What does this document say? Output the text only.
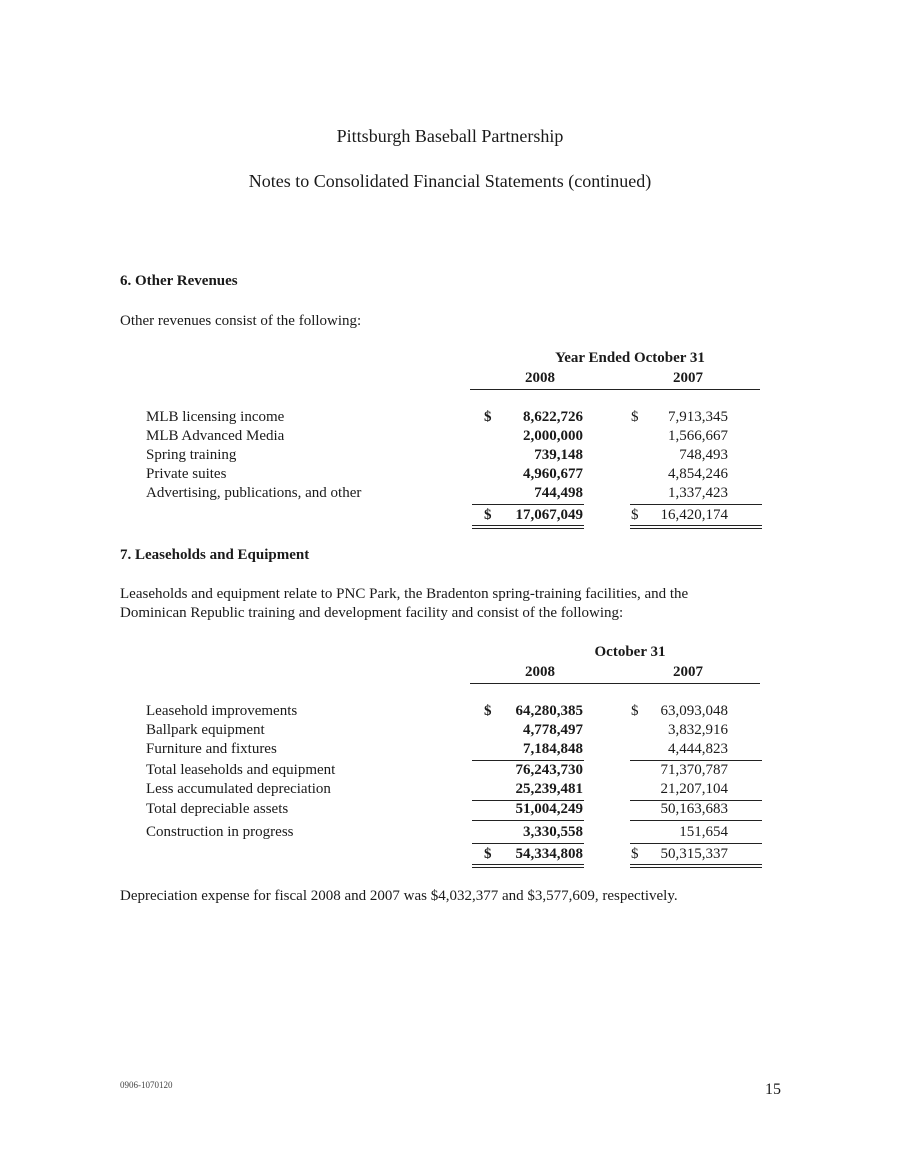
Pittsburgh Baseball Partnership
Notes to Consolidated Financial Statements (continued)
6. Other Revenues
Other revenues consist of the following:
Year Ended October 31
2008	2007
MLB licensing income	$	8,622,726	$	7,913,345
MLB Advanced Media	2,000,000	1,566,667
Spring training	739,148	748,493
Private suites	4,960,677	4,854,246
Advertising, publications, and other	744,498	1,337,423
$	17,067,049	$	16,420,174
7. Leaseholds and Equipment
Leaseholds and equipment relate to PNC Park, the Bradenton spring-training facilities, and the
Dominican Republic training and development facility and consist of the following:
October 31
2008	2007
Leasehold improvements	$	64,280,385	$	63,093,048
Ballpark equipment	4,778,497	3,832,916
Furniture and fixtures	7,184,848	4,444,823
Total leaseholds and equipment	76,243,730	71,370,787
Less accumulated depreciation	25,239,481	21,207,104
Total depreciable assets	51,004,249	50,163,683
Construction in progress	3,330,558	151,654
$	54,334,808	$	50,315,337
Depreciation expense for fiscal 2008 and 2007 was $4,032,377 and $3,577,609, respectively.
0906-1070120	15
